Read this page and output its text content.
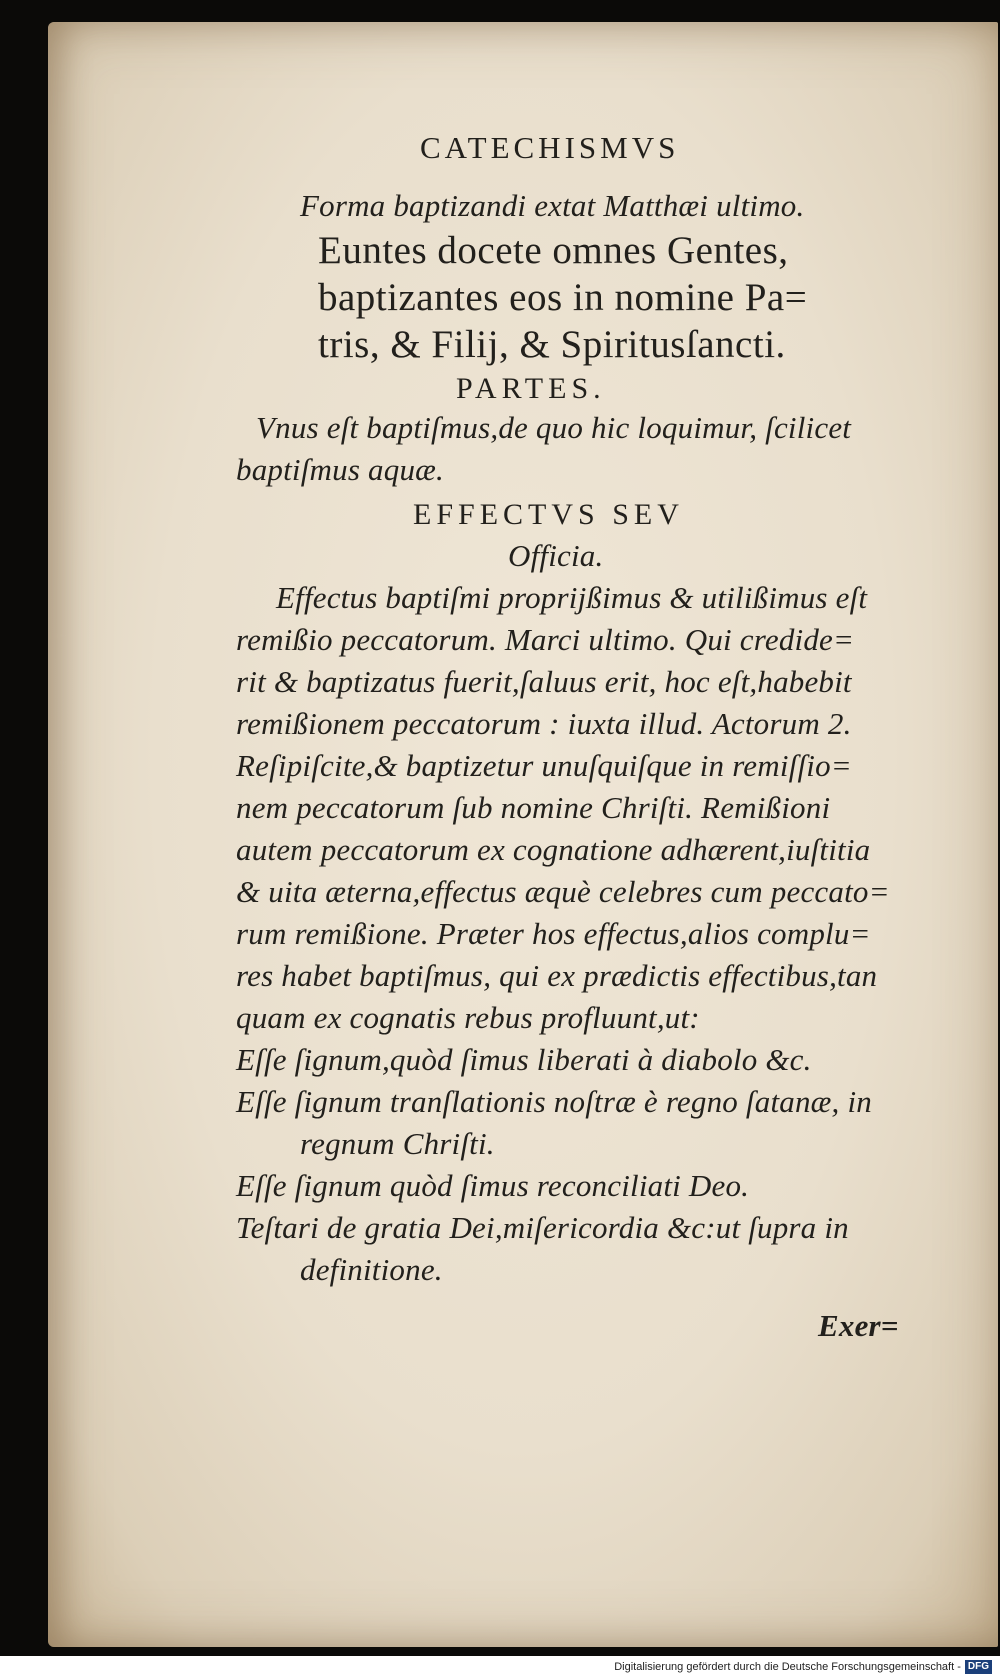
CATECHISMVS
Forma baptizandi extat Matthæi ultimo.
Euntes docete omnes Gentes,
baptizantes eos in nomine Pa=
tris, & Filij, & Spiritusſancti.
PARTES.
Vnus eſt baptiſmus,de quo hic loquimur, ſcilicet
baptiſmus aquæ.
EFFECTVS SEV
Officia.
Effectus baptiſmi proprijßimus & utilißimus eſt
remißio peccatorum. Marci ultimo. Qui credide=
rit & baptizatus fuerit,ſaluus erit, hoc eſt,habebit
remißionem peccatorum : iuxta illud. Actorum 2.
Reſipiſcite,& baptizetur unuſquiſque in remiſſio=
nem peccatorum ſub nomine Chriſti. Remißioni
autem peccatorum ex cognatione adhærent,iuſtitia
& uita æterna,effectus æquè celebres cum peccato=
rum remißione. Præter hos effectus,alios complu=
res habet baptiſmus, qui ex prædictis effectibus,tan
quam ex cognatis rebus profluunt,ut:
Eſſe ſignum,quòd ſimus liberati à diabolo &c.
Eſſe ſignum tranſlationis noſtræ è regno ſatanæ, in
regnum Chriſti.
Eſſe ſignum quòd ſimus reconciliati Deo.
Teſtari de gratia Dei,miſericordia &c:ut ſupra in
definitione.
Exer=
Digitalisierung gefördert durch die Deutsche Forschungsgemeinschaft - DFG
